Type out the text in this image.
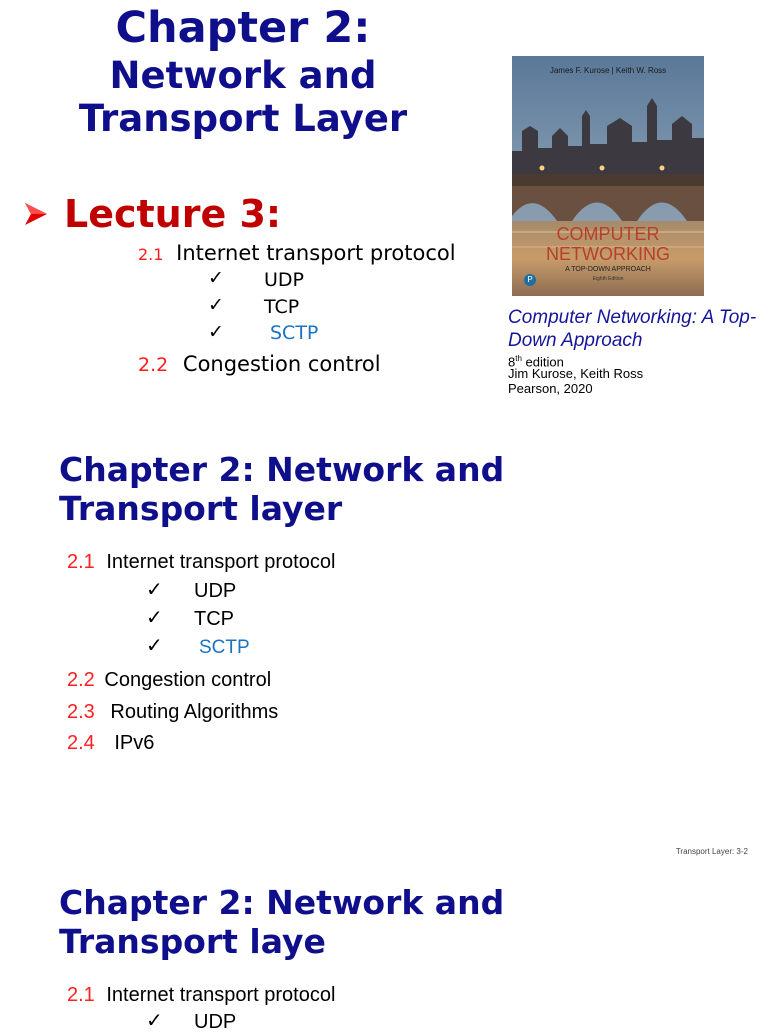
Chapter 2:
Network and
Transport Layer
Lecture 3:
2.1 Internet transport protocol
✓ UDP
✓ TCP
✓ SCTP
2.2 Congestion control
James F. Kurose | Keith W. Ross
COMPUTER
NETWORKING
A TOP-DOWN APPROACH
Eighth Edition
P
Computer Networking: A Top-Down Approach
8th edition
Jim Kurose, Keith Ross
Pearson, 2020
Chapter 2: Network and
Transport layer
2.1 Internet transport protocol
✓ UDP
✓ TCP
✓ SCTP
2.2 Congestion control
2.3 Routing Algorithms
2.4 IPv6
Transport Layer: 3-2
Chapter 2: Network and
Transport laye
2.1 Internet transport protocol
✓ UDP
